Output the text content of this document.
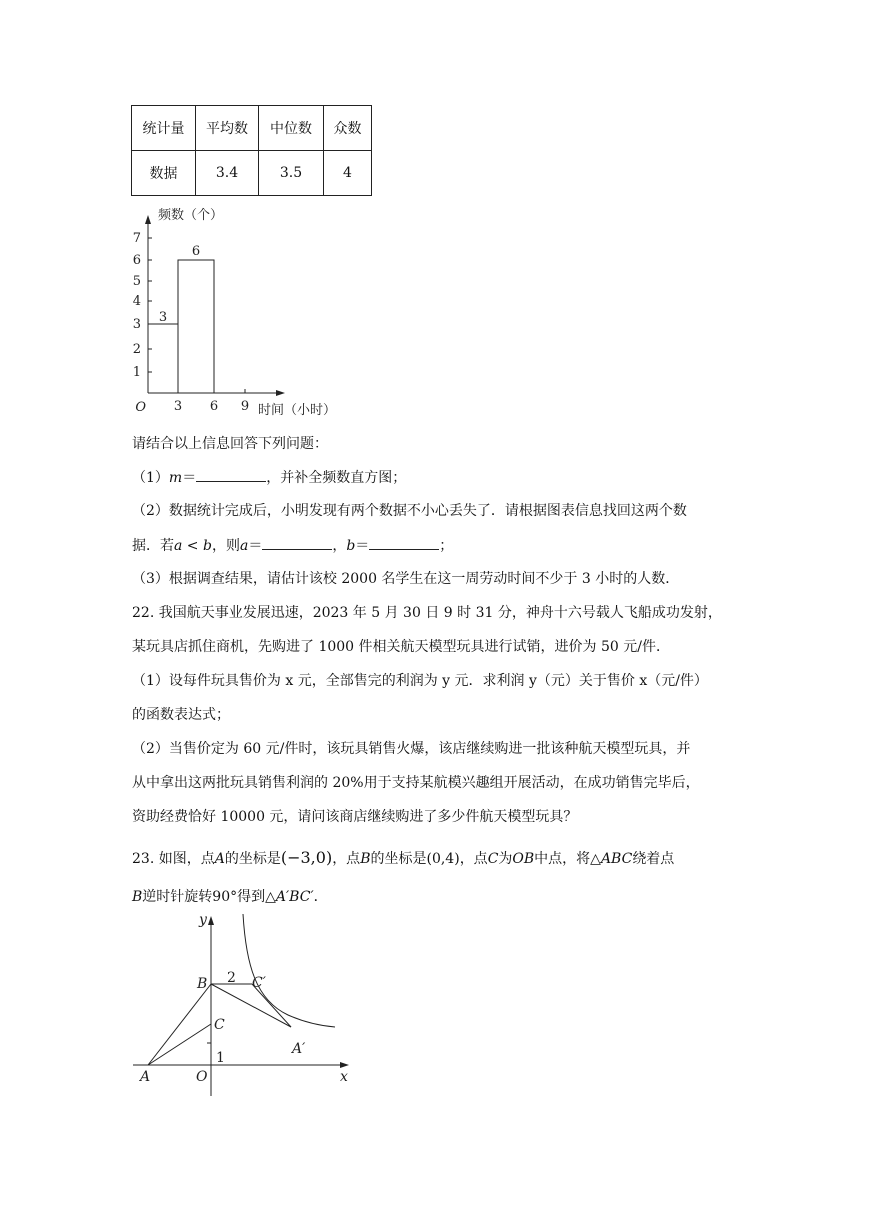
统计量	平均数	中位数	众数
数据	3.4	3.5	4
1
2
3
4
5
6
7
3
6
O 3 6 9 时间（小时）
频数（个）
请结合以上信息回答下列问题：
（1）m＝	，并补全频数直方图；
（2）数据统计完成后，小明发现有两个数据不小心丢失了．请根据图表信息找回这两个数
据．若a < b，则a＝	，b＝	；
（3）根据调查结果，请估计该校 2000 名学生在这一周劳动时间不少于 3 小时的人数．
22. 我国航天事业发展迅速，2023 年 5 月 30 日 9 时 31 分，神舟十六号载人飞船成功发射，
某玩具店抓住商机，先购进了 1000 件相关航天模型玩具进行试销，进价为 50 元/件．
（1）设每件玩具售价为 x 元，全部售完的利润为 y 元．求利润 y（元）关于售价 x（元/件）
的函数表达式；
（2）当售价定为 60 元/件时，该玩具销售火爆，该店继续购进一批该种航天模型玩具，并
从中拿出这两批玩具销售利润的 20%用于支持某航模兴趣组开展活动，在成功销售完毕后，
资助经费恰好 10000 元，请问该商店继续购进了多少件航天模型玩具？
23. 如图，点A的坐标是(−3,0)，点B的坐标是(0,4)，点C为OB中点，将△ABC绕着点
B逆时针旋转90°得到△A′BC′．
y
x
O
A
B
C
C′
A′
2
1
